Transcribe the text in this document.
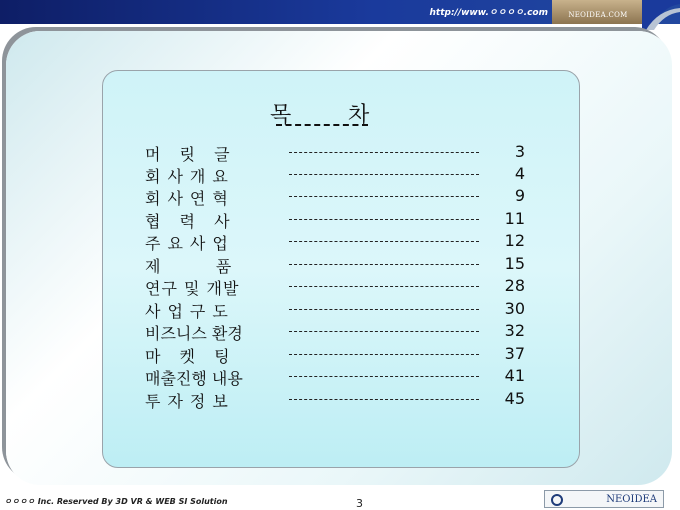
http://www.ㅇㅇㅇㅇ.com	NEOIDEA.COM
목	차
머 릿 글	3
회사개요	4
회사연혁	9
협 력 사	11
주요사업	12
제    품	15
연구 및 개발	28
사업구도	30
비즈니스 환경	32
마 켓 팅	37
매출진행 내용	41
투자정보	45
ㅇㅇㅇㅇ Inc. Reserved By 3D VR & WEB SI Solution	3	NEOIDEA
